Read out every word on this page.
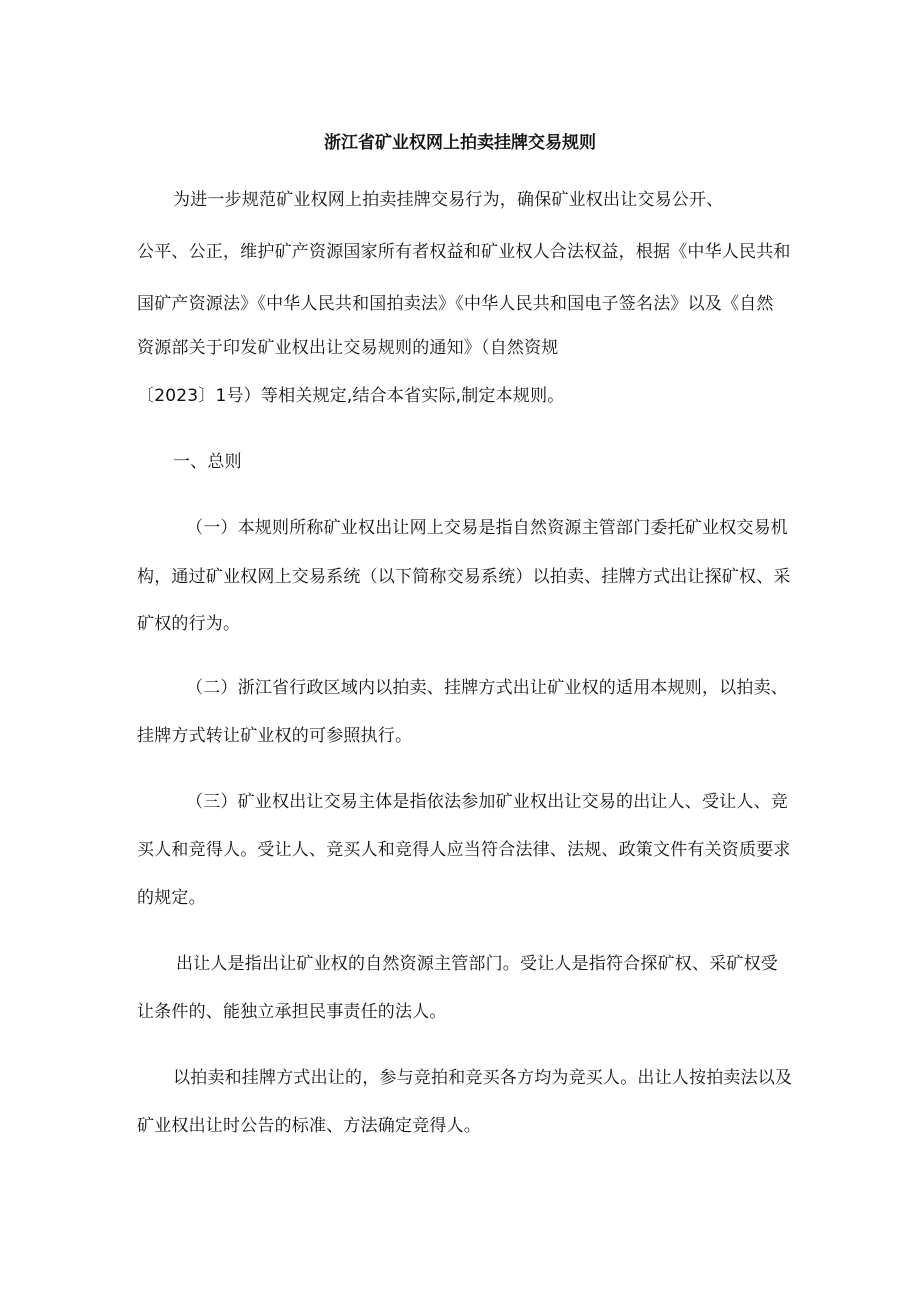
浙江省矿业权网上拍卖挂牌交易规则
为进一步规范矿业权网上拍卖挂牌交易行为，确保矿业权出让交易公开、
公平、公正，维护矿产资源国家所有者权益和矿业权人合法权益，根据《中华人民共和
国矿产资源法》《中华人民共和国拍卖法》《中华人民共和国电子签名法》以及《自然
资源部关于印发矿业权出让交易规则的通知》（自然资规
〔2023〕1号）等相关规定,结合本省实际,制定本规则。
一、总则
（一）本规则所称矿业权出让网上交易是指自然资源主管部门委托矿业权交易机
构，通过矿业权网上交易系统（以下简称交易系统）以拍卖、挂牌方式出让探矿权、采
矿权的行为。
（二）浙江省行政区域内以拍卖、挂牌方式出让矿业权的适用本规则，以拍卖、
挂牌方式转让矿业权的可参照执行。
（三）矿业权出让交易主体是指依法参加矿业权出让交易的出让人、受让人、竞
买人和竞得人。受让人、竞买人和竞得人应当符合法律、法规、政策文件有关资质要求
的规定。
出让人是指出让矿业权的自然资源主管部门。受让人是指符合探矿权、采矿权受
让条件的、能独立承担民事责任的法人。
以拍卖和挂牌方式出让的，参与竞拍和竞买各方均为竞买人。出让人按拍卖法以及
矿业权出让时公告的标准、方法确定竞得人。
